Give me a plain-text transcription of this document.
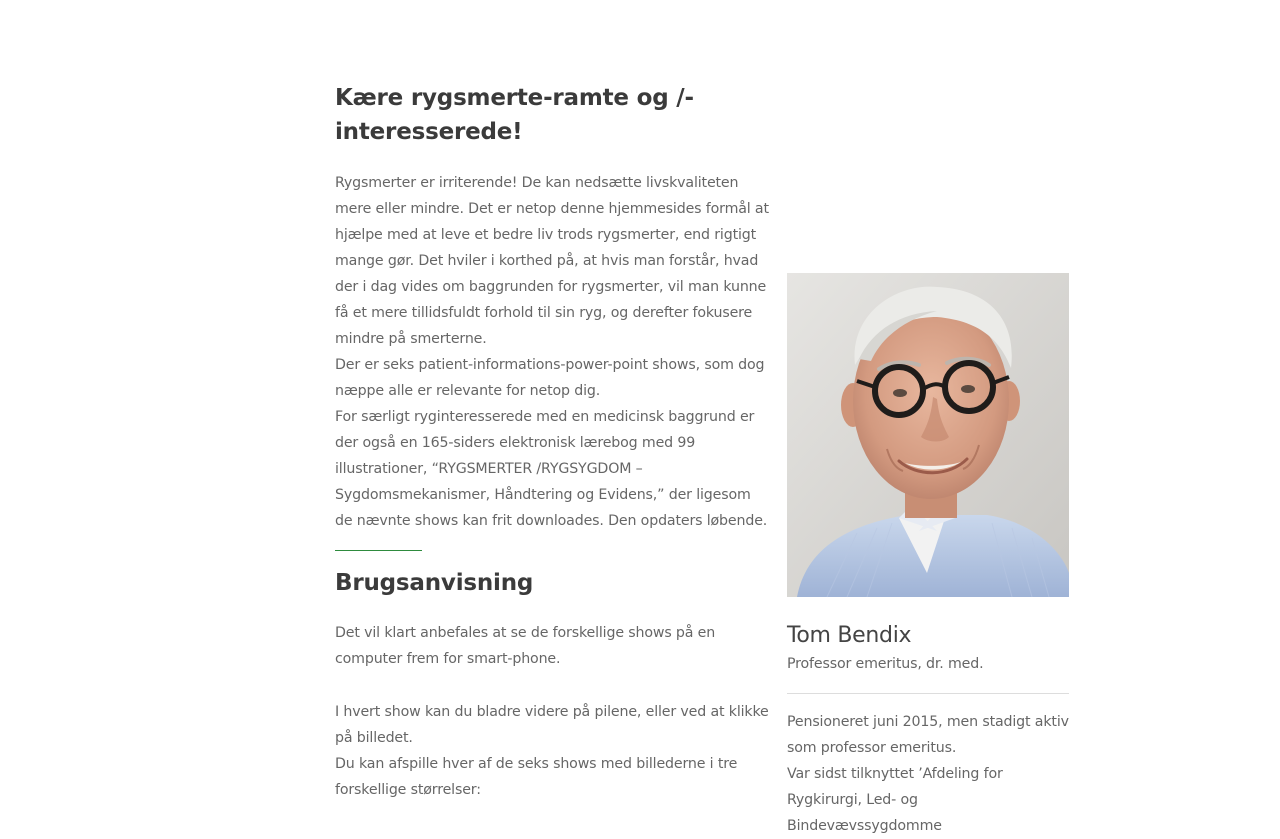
Kære rygsmerte-ramte og /-interesserede!

Rygsmerter er irriterende! De kan nedsætte livskvaliteten mere eller mindre. Det er netop denne hjemmesides formål at hjælpe med at leve et bedre liv trods rygsmerter, end rigtigt mange gør. Det hviler i korthed på, at hvis man forstår, hvad der i dag vides om baggrunden for rygsmerter, vil man kunne få et mere tillidsfuldt forhold til sin ryg, og derefter fokusere mindre på smerterne.

Der er seks patient-informations-power-point shows, som dog næppe alle er relevante for netop dig.

For særligt ryginteresserede med en medicinsk baggrund er der også en 165-siders elektronisk lærebog med 99 illustrationer, “RYGSMERTER /RYGSYGDOM – Sygdomsmekanismer, Håndtering og Evidens,” der ligesom de nævnte shows kan frit downloades. Den opdaters løbende.

Brugsanvisning

Det vil klart anbefales at se de forskellige shows på en computer frem for smart-phone.

I hvert show kan du bladre videre på pilene, eller ved at klikke på billedet.

Du kan afspille hver af de seks shows med billederne i tre forskellige størrelser:

Tom Bendix

Professor emeritus, dr. med.

Pensioneret juni 2015, men stadigt aktiv som professor emeritus.

Var sidst tilknyttet ’Afdeling for Rygkirurgi, Led- og Bindevævssygdomme
